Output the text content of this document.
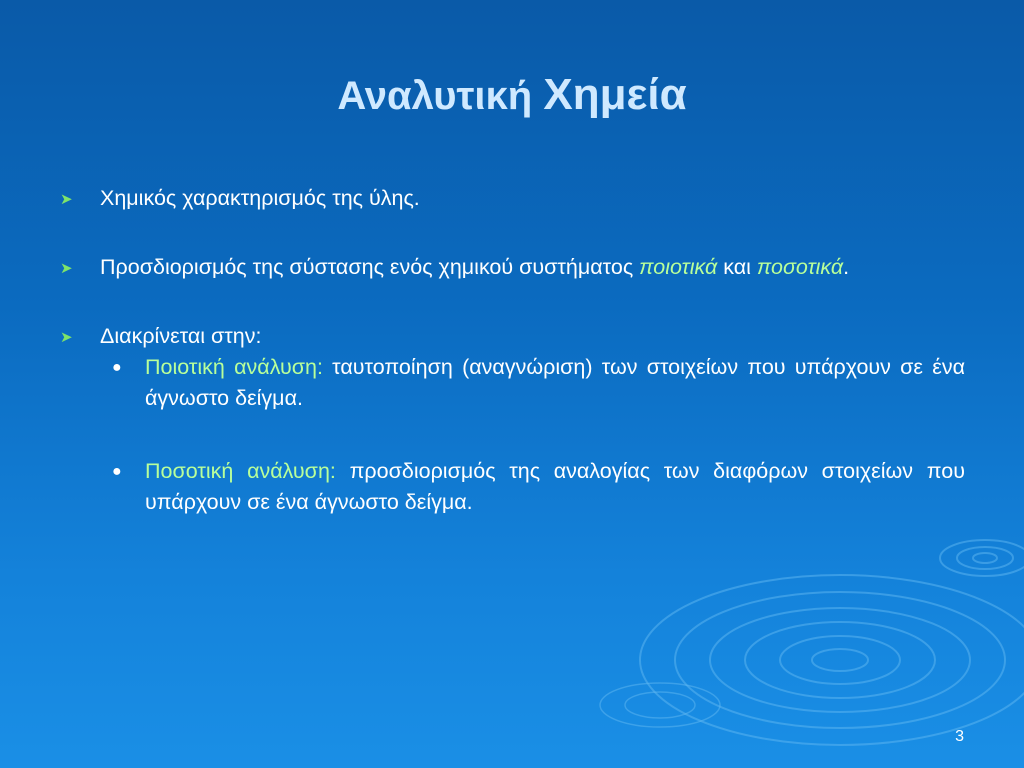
Αναλυτική Χημεία
➤ Χημικός χαρακτηρισμός της ύλης.
➤ Προσδιορισμός της σύστασης ενός χημικού συστήματος ποιοτικά και ποσοτικά.
➤ Διακρίνεται στην:
● Ποιοτική ανάλυση: ταυτοποίηση (αναγνώριση) των στοιχείων που υπάρχουν σε ένα άγνωστο δείγμα.
● Ποσοτική ανάλυση: προσδιορισμός της αναλογίας των διαφόρων στοιχείων που υπάρχουν σε ένα άγνωστο δείγμα.
3
